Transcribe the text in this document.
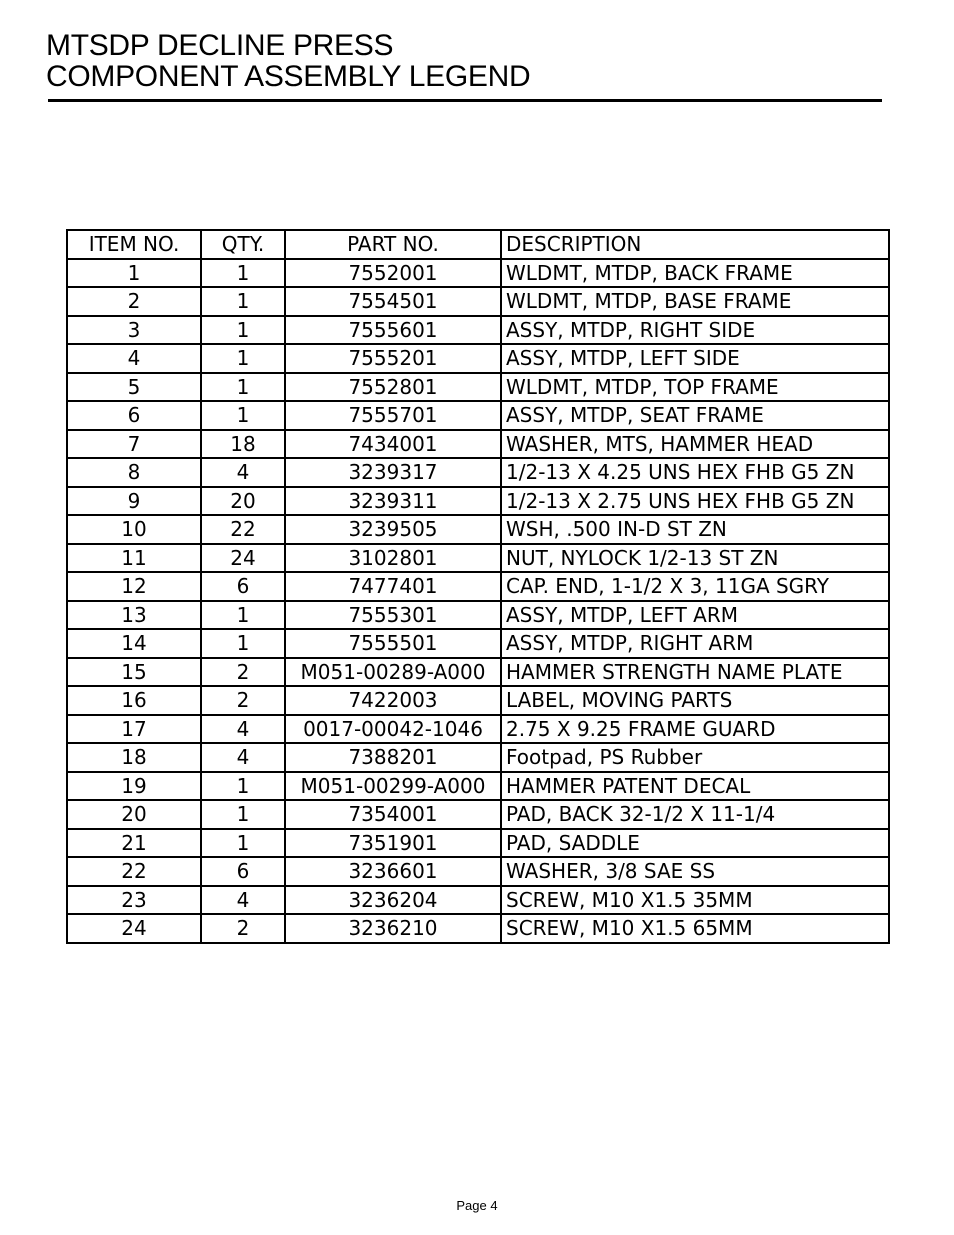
MTSDP DECLINE PRESS
COMPONENT ASSEMBLY LEGEND
ITEM NO.	QTY.	PART NO.	DESCRIPTION
1	1	7552001	WLDMT, MTDP, BACK FRAME
2	1	7554501	WLDMT, MTDP, BASE FRAME
3	1	7555601	ASSY, MTDP, RIGHT SIDE
4	1	7555201	ASSY, MTDP, LEFT SIDE
5	1	7552801	WLDMT, MTDP, TOP FRAME
6	1	7555701	ASSY, MTDP, SEAT FRAME
7	18	7434001	WASHER, MTS, HAMMER HEAD
8	4	3239317	1/2-13 X 4.25 UNS HEX FHB G5 ZN
9	20	3239311	1/2-13 X 2.75 UNS HEX FHB G5 ZN
10	22	3239505	WSH, .500 IN-D ST ZN
11	24	3102801	NUT, NYLOCK 1/2-13 ST ZN
12	6	7477401	CAP. END, 1-1/2 X 3, 11GA SGRY
13	1	7555301	ASSY, MTDP, LEFT ARM
14	1	7555501	ASSY, MTDP, RIGHT ARM
15	2	M051-00289-A000	HAMMER STRENGTH NAME PLATE
16	2	7422003	LABEL, MOVING PARTS
17	4	0017-00042-1046	2.75 X 9.25 FRAME GUARD
18	4	7388201	Footpad, PS Rubber
19	1	M051-00299-A000	HAMMER PATENT DECAL
20	1	7354001	PAD, BACK 32-1/2 X 11-1/4
21	1	7351901	PAD, SADDLE
22	6	3236601	WASHER, 3/8 SAE SS
23	4	3236204	SCREW, M10 X1.5 35MM
24	2	3236210	SCREW, M10 X1.5 65MM
Page 4
